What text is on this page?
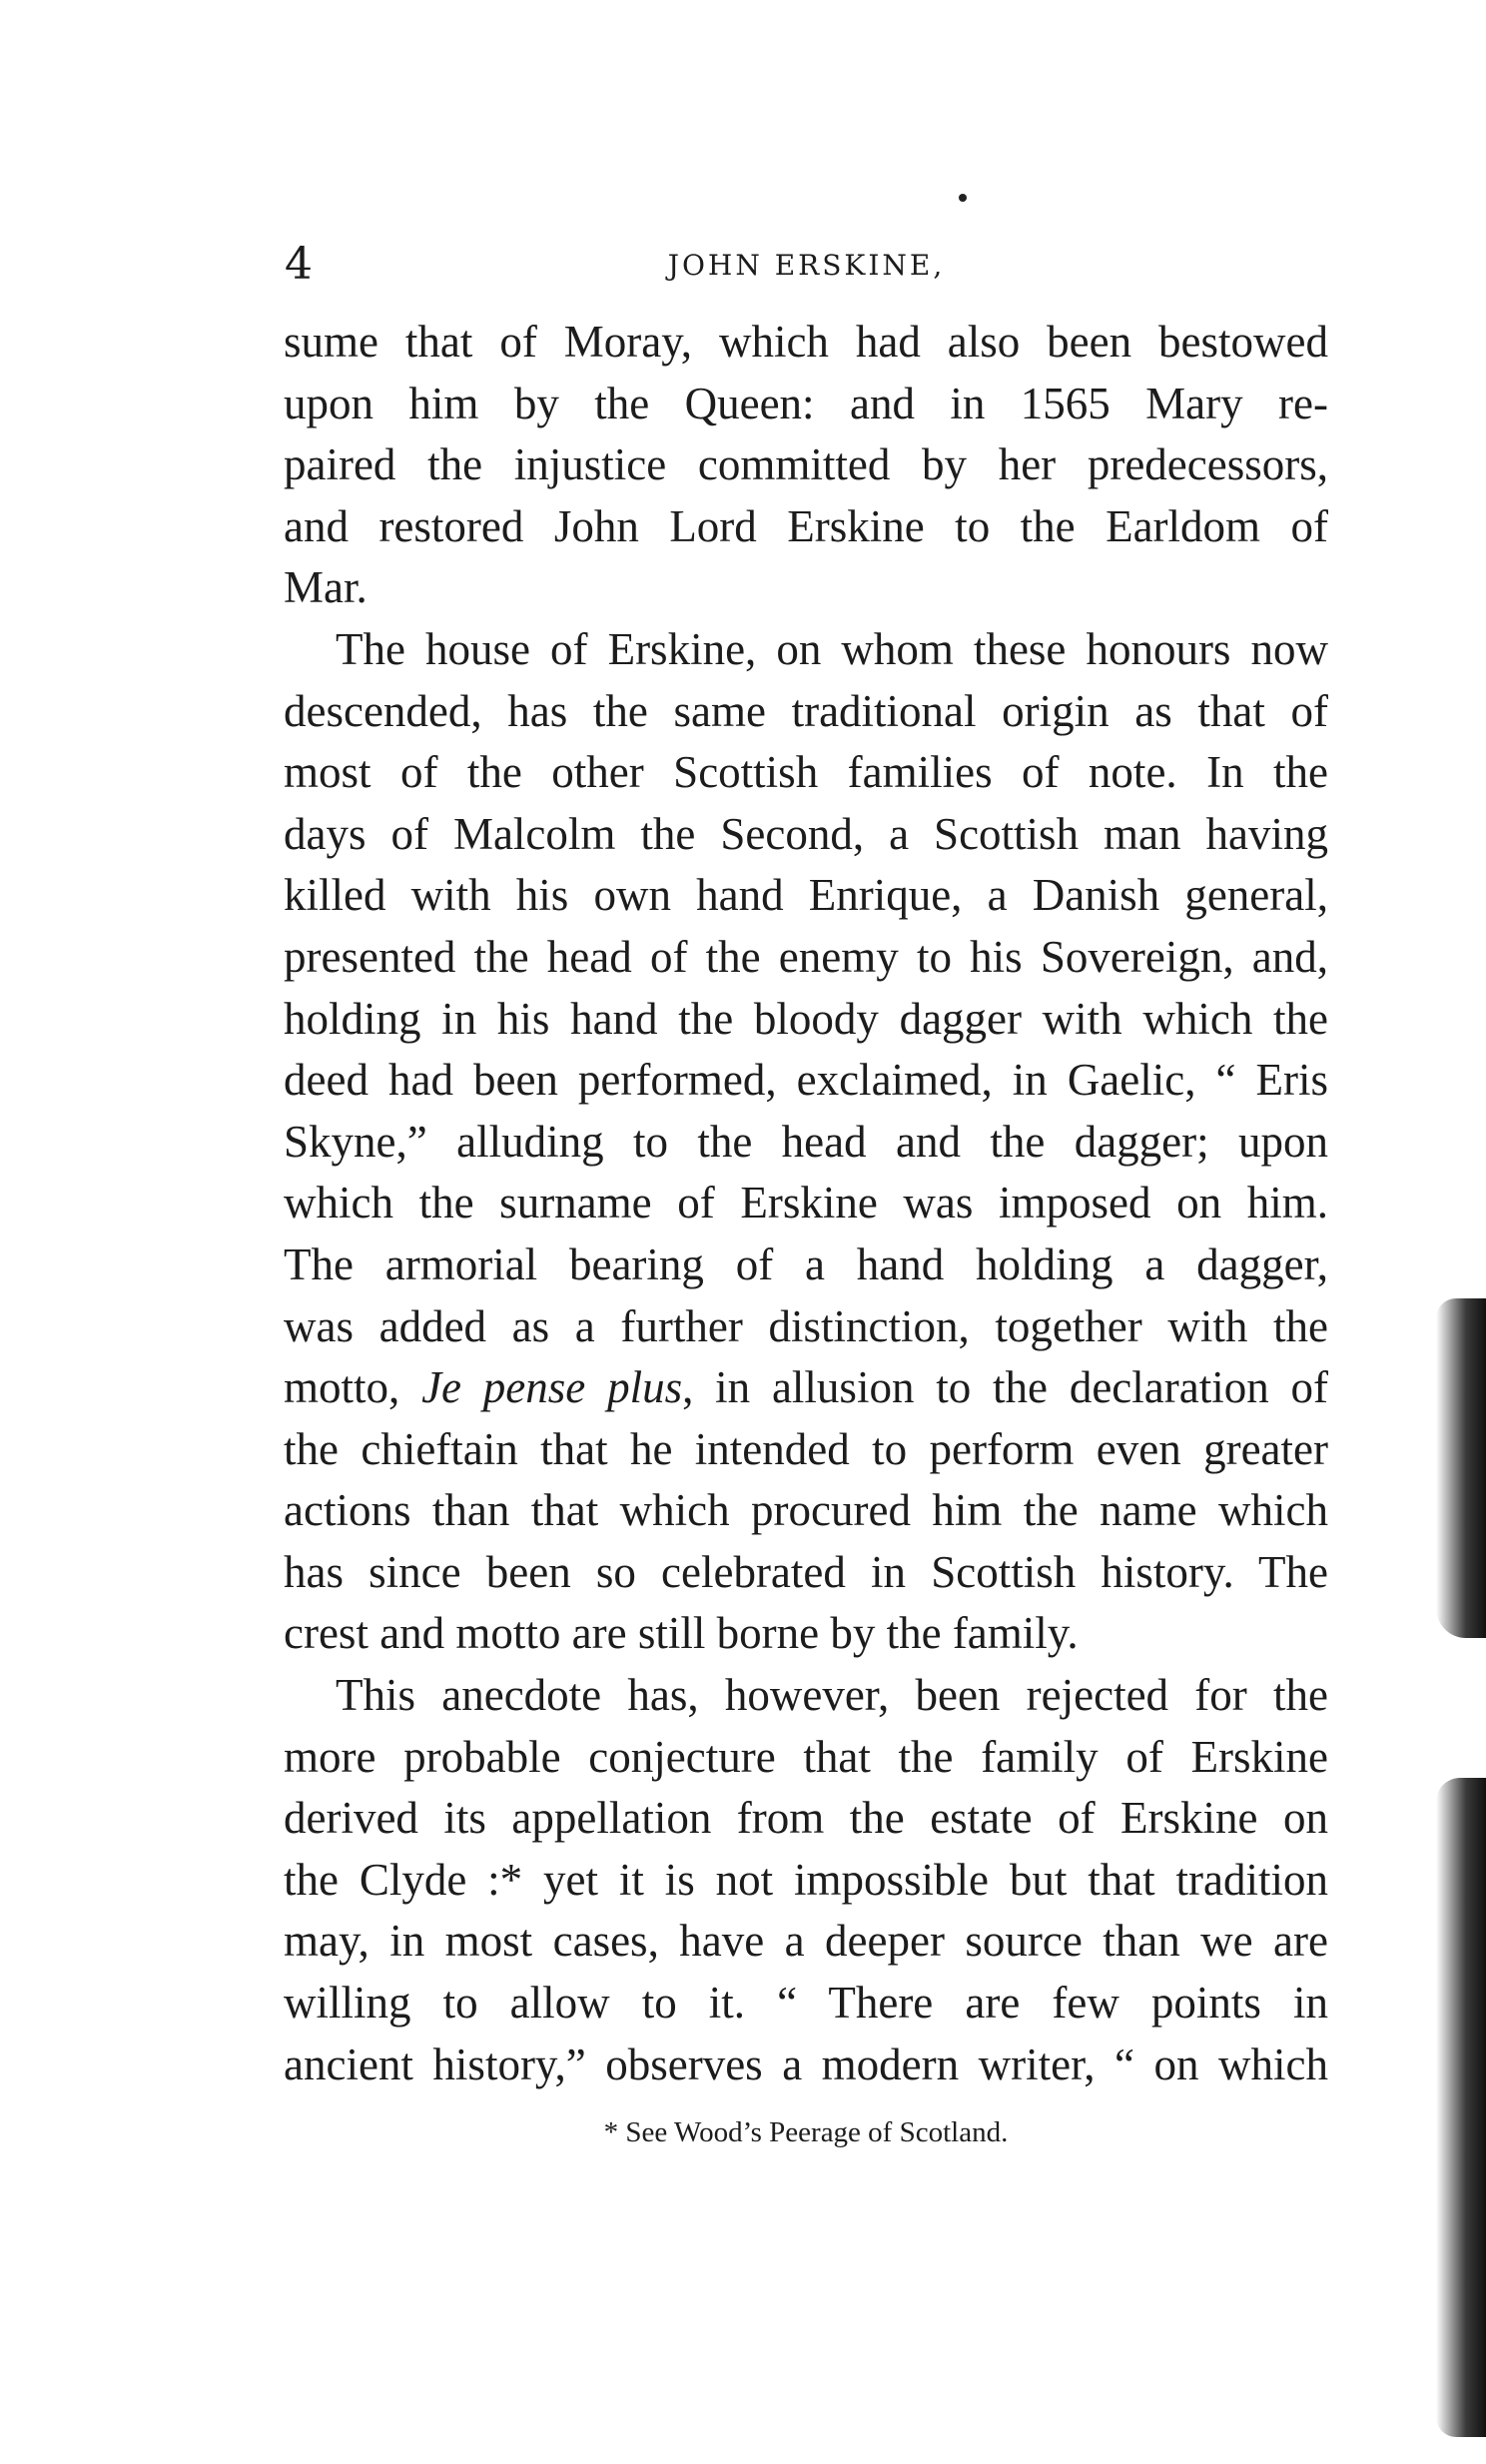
4	JOHN ERSKINE,

sume that of Moray, which had also been bestowed
upon him by the Queen: and in 1565 Mary re-
paired the injustice committed by her predecessors,
and restored John Lord Erskine to the Earldom of
Mar.

The house of Erskine, on whom these honours now
descended, has the same traditional origin as that of
most of the other Scottish families of note. In the
days of Malcolm the Second, a Scottish man having
killed with his own hand Enrique, a Danish general,
presented the head of the enemy to his Sovereign, and,
holding in his hand the bloody dagger with which the
deed had been performed, exclaimed, in Gaelic, “ Eris
Skyne,” alluding to the head and the dagger; upon
which the surname of Erskine was imposed on him.
The armorial bearing of a hand holding a dagger,
was added as a further distinction, together with the
motto, Je pense plus, in allusion to the declaration of
the chieftain that he intended to perform even greater
actions than that which procured him the name which
has since been so celebrated in Scottish history. The
crest and motto are still borne by the family.

This anecdote has, however, been rejected for the
more probable conjecture that the family of Erskine
derived its appellation from the estate of Erskine on
the Clyde :* yet it is not impossible but that tradition
may, in most cases, have a deeper source than we are
willing to allow to it. “ There are few points in
ancient history,” observes a modern writer, “ on which

* See Wood’s Peerage of Scotland.
